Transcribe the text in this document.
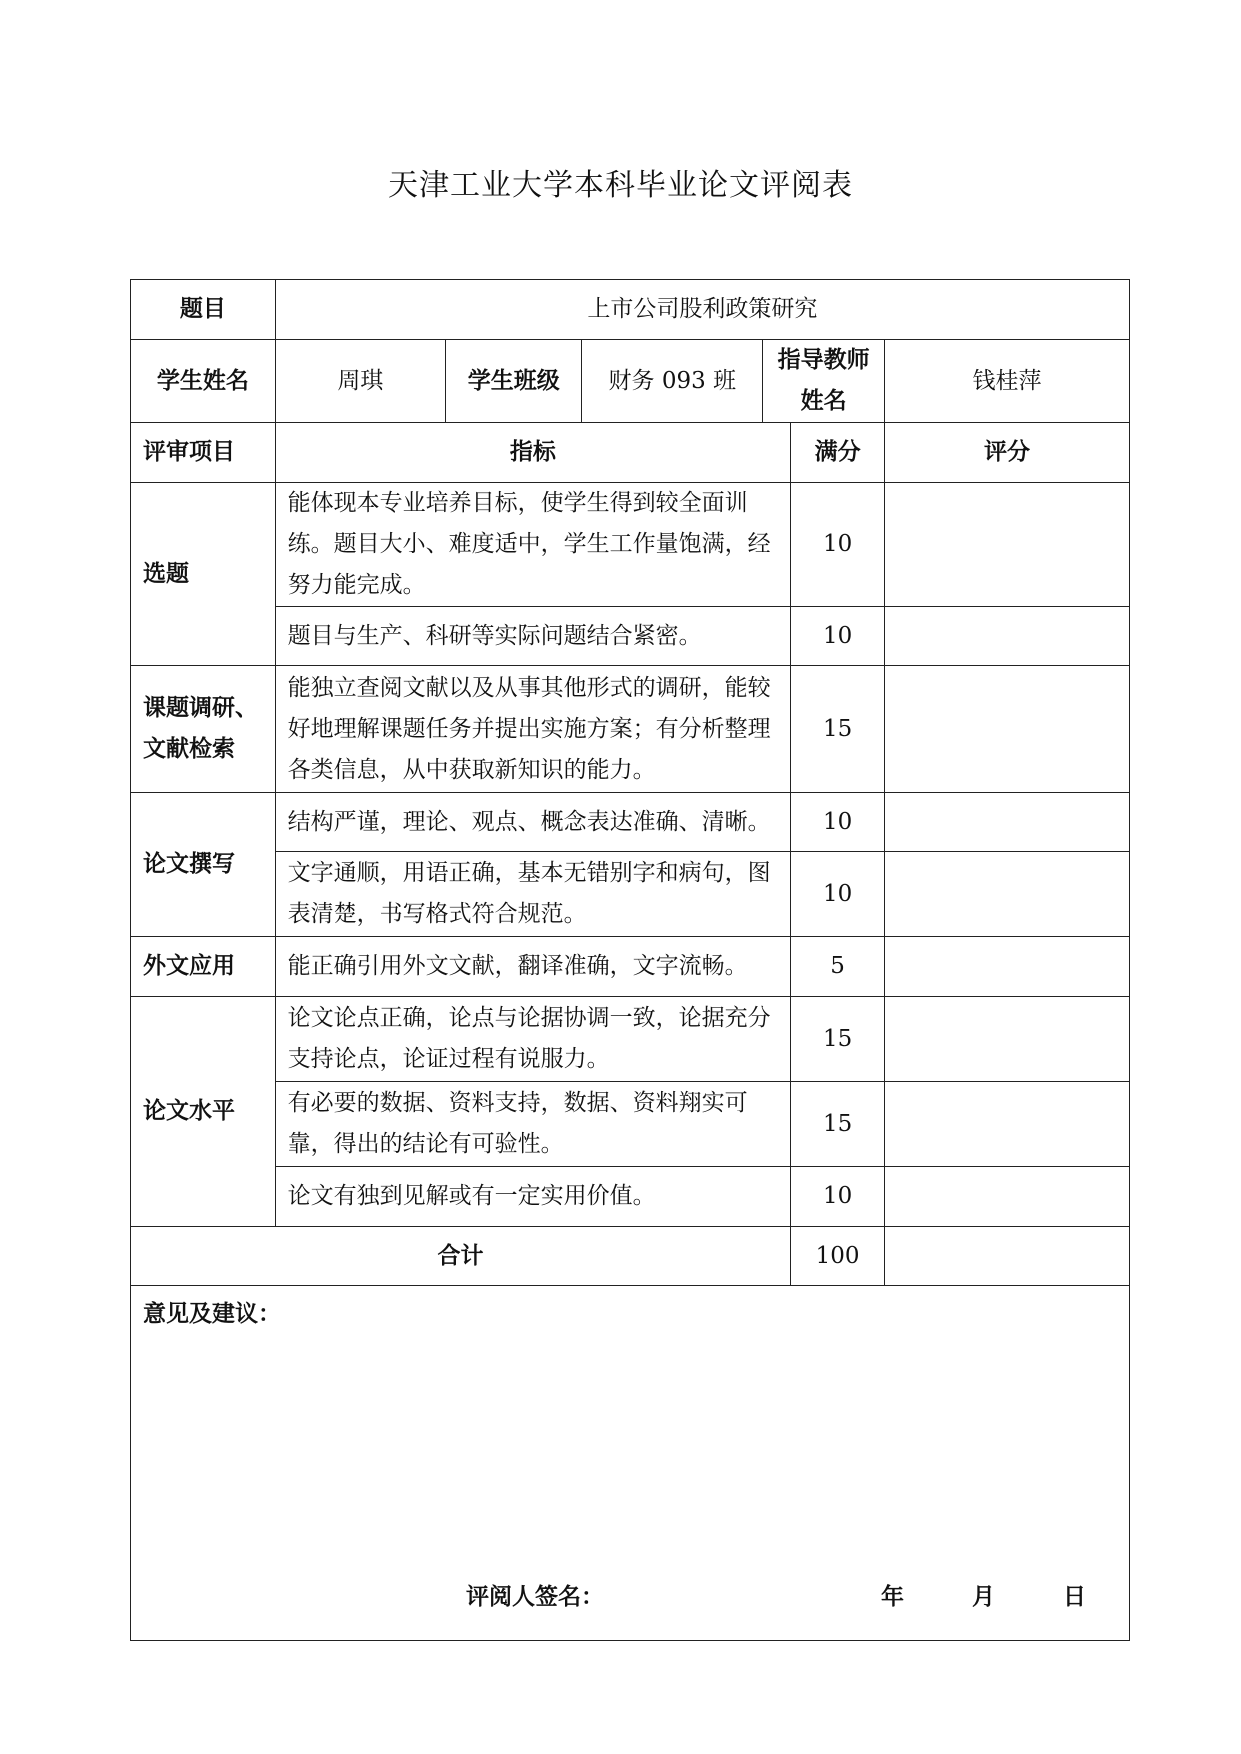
天津工业大学本科毕业论文评阅表
题目	上市公司股利政策研究					
学生姓名	周琪	学生班级	财务 093 班	指导教师姓名		钱桂萍
评审项目	指标				满分	评分
选题	能体现本专业培养目标，使学生得到较全面训练。题目大小、难度适中，学生工作量饱满，经努力能完成。				10	
	题目与生产、科研等实际问题结合紧密。				10	
课题调研、文献检索	能独立查阅文献以及从事其他形式的调研，能较好地理解课题任务并提出实施方案；有分析整理各类信息，从中获取新知识的能力。				15	
论文撰写	结构严谨，理论、观点、概念表达准确、清晰。				10	
	文字通顺，用语正确，基本无错别字和病句，图表清楚，书写格式符合规范。				10	
外文应用	能正确引用外文文献，翻译准确，文字流畅。				5	
论文水平	论文论点正确，论点与论据协调一致，论据充分支持论点，论证过程有说服力。				15	
	有必要的数据、资料支持，数据、资料翔实可靠，得出的结论有可验性。				15	
	论文有独到见解或有一定实用价值。				10	
合计					100	

意见及建议：
评阅人签名： 年 月 日						
